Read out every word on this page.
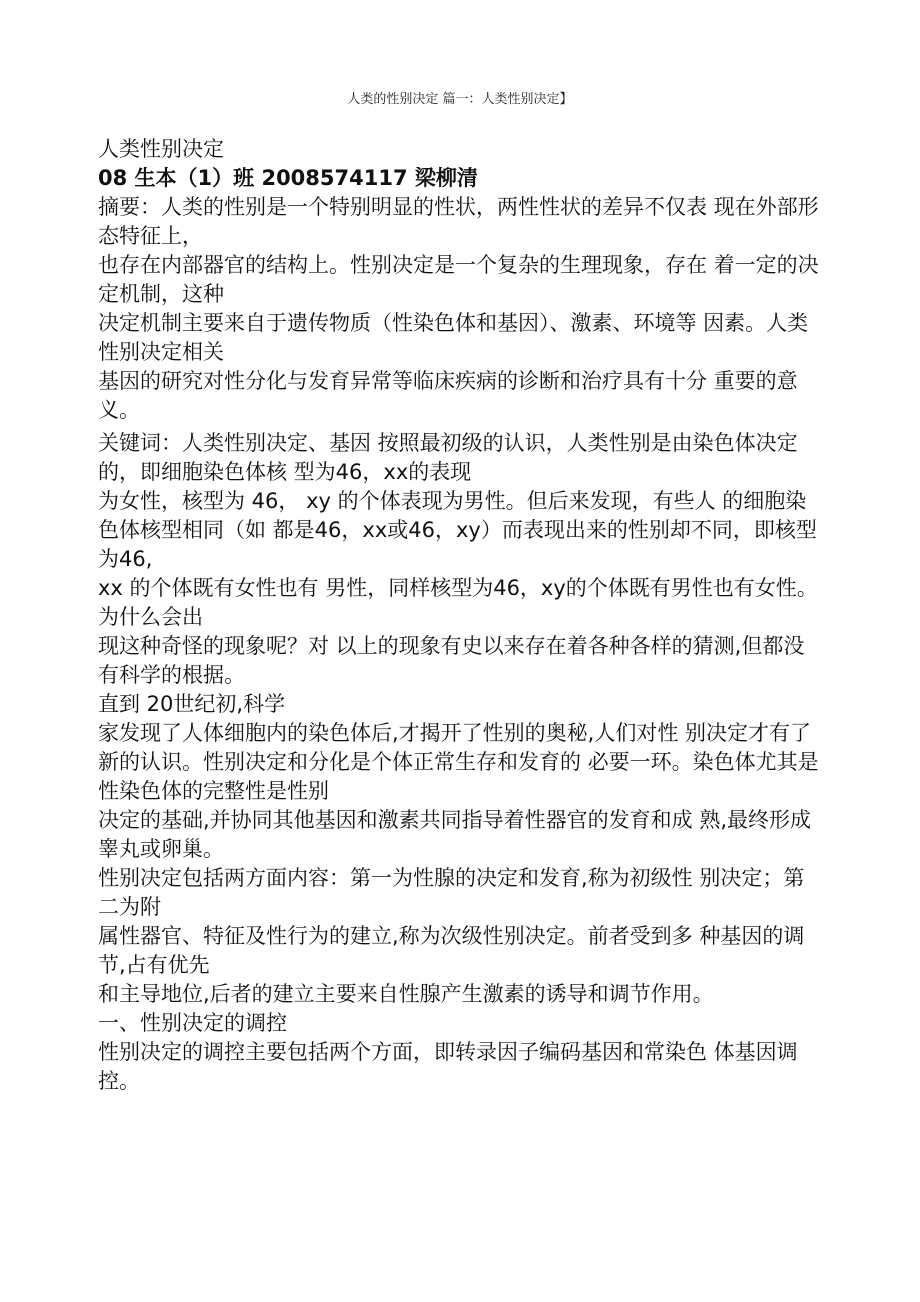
人类的性别决定 篇一：人类性别决定】

人类性别决定

08 生本（1）班 2008574117 梁柳清

摘要：人类的性别是一个特别明显的性状，两性性状的差异不仅表 现在外部形态特征上，

也存在内部器官的结构上。性别决定是一个复杂的生理现象，存在 着一定的决定机制，这种

决定机制主要来自于遗传物质（性染色体和基因）、激素、环境等 因素。人类性别决定相关

基因的研究对性分化与发育异常等临床疾病的诊断和治疗具有十分 重要的意义。

关键词：人类性别决定、基因 按照最初级的认识，人类性别是由染色体决定的，即细胞染色体核 型为46，xx的表现

为女性，核型为 46， xy 的个体表现为男性。但后来发现，有些人 的细胞染色体核型相同（如 都是46，xx或46，xy）而表现出来的性别却不同，即核型为46,

xx 的个体既有女性也有 男性，同样核型为46，xy的个体既有男性也有女性。为什么会出

现这种奇怪的现象呢？对 以上的现象有史以来存在着各种各样的猜测,但都没有科学的根据。

直到 20世纪初,科学

家发现了人体细胞内的染色体后,才揭开了性别的奥秘,人们对性 别决定才有了新的认识。性别决定和分化是个体正常生存和发育的 必要一环。染色体尤其是性染色体的完整性是性别

决定的基础,并协同其他基因和激素共同指导着性器官的发育和成 熟,最终形成睾丸或卵巢。

性别决定包括两方面内容：第一为性腺的决定和发育,称为初级性 别决定；第二为附

属性器官、特征及性行为的建立,称为次级性别决定。前者受到多 种基因的调节,占有优先

和主导地位,后者的建立主要来自性腺产生激素的诱导和调节作用。

一、性别决定的调控

性别决定的调控主要包括两个方面，即转录因子编码基因和常染色 体基因调控。
